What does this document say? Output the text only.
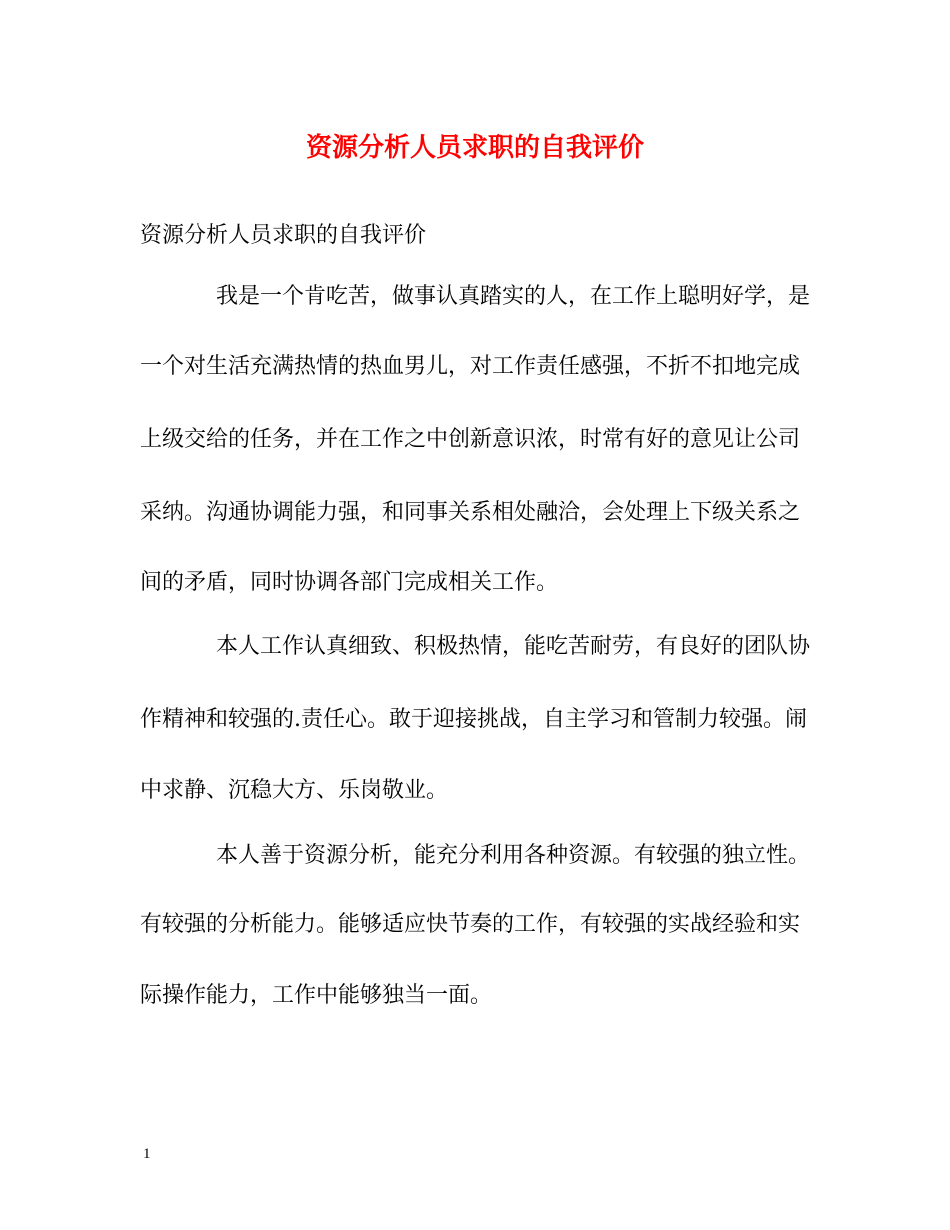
资源分析人员求职的自我评价
资源分析人员求职的自我评价
我是一个肯吃苦，做事认真踏实的人，在工作上聪明好学，是
一个对生活充满热情的热血男儿，对工作责任感强，不折不扣地完成
上级交给的任务，并在工作之中创新意识浓，时常有好的意见让公司
采纳。沟通协调能力强，和同事关系相处融洽，会处理上下级关系之
间的矛盾，同时协调各部门完成相关工作。
本人工作认真细致、积极热情，能吃苦耐劳，有良好的团队协
作精神和较强的.责任心。敢于迎接挑战，自主学习和管制力较强。闹
中求静、沉稳大方、乐岗敬业。
本人善于资源分析，能充分利用各种资源。有较强的独立性。
有较强的分析能力。能够适应快节奏的工作，有较强的实战经验和实
际操作能力，工作中能够独当一面。
1
